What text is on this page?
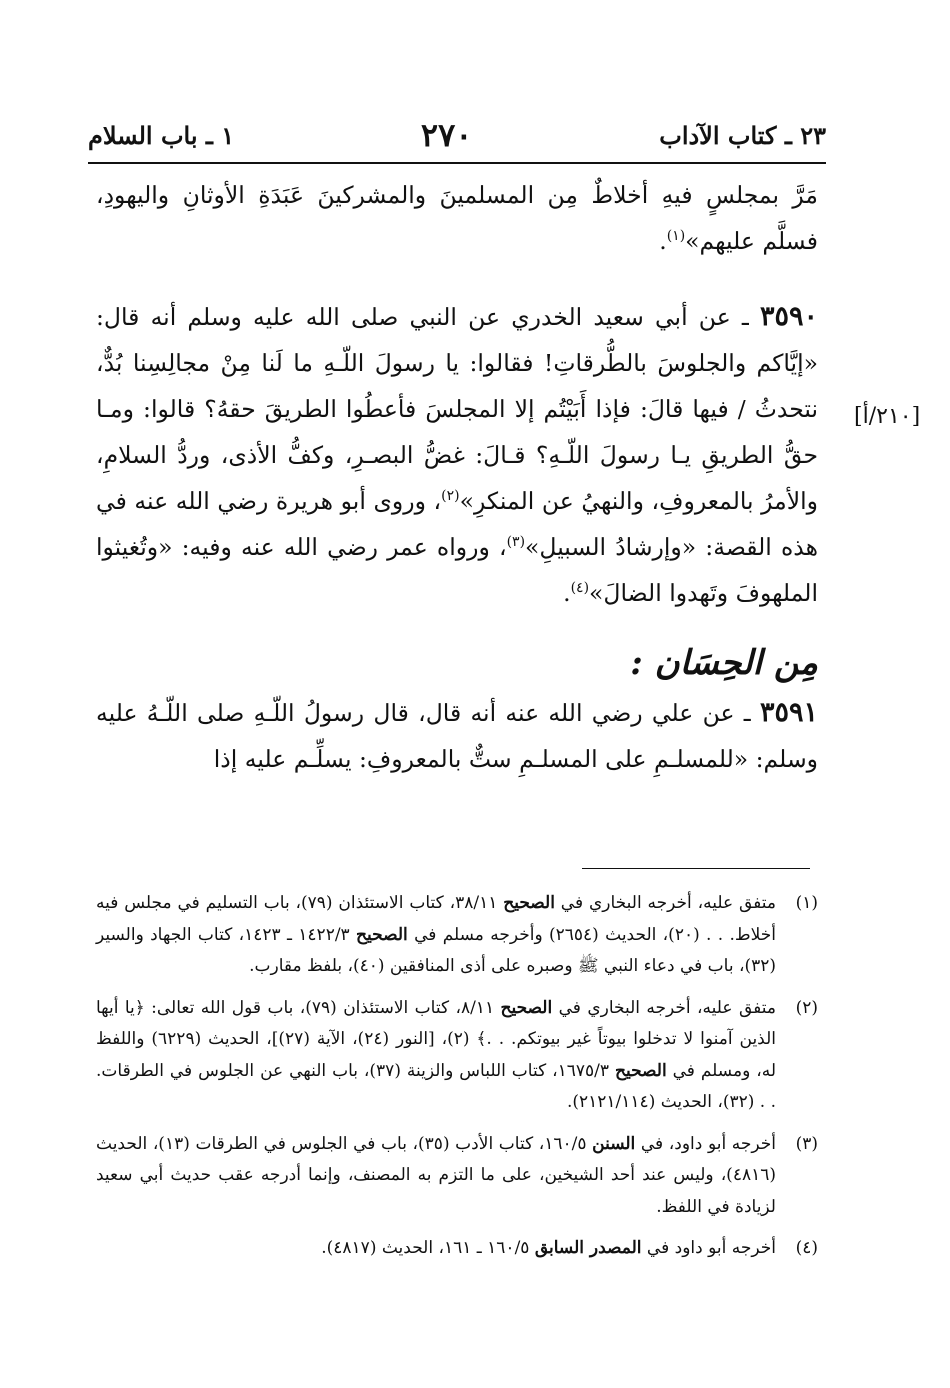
٢٣ ـ كتاب الآداب
٢٧٠
١ ـ باب السلام
[٢١٠/أ]

مَرَّ بمجلسٍ فيهِ أخلاطٌ مِن المسلمينَ والمشركينَ عَبَدَةِ الأوثانِ واليهودِ، فسلَّم عليهم»$^{(١)}$.

٣٥٩٠ ـ عن أبي سعيد الخدري عن النبي صلى الله عليه وسلم أنه قال: «إيَّاكم والجلوسَ بالطُّرقاتِ! فقالوا: يا رسولَ اللّـهِ ما لَنا مِنْ مجالِسِنا بُدٌّ، نتحدثُ / فيها قالَ: فإذا أَبَيْتُم إلا المجلسَ فأعطُوا الطريقَ حقهُ؟ قالوا: ومـا حقُّ الطريقِ يـا رسولَ اللّـهِ؟ قـالَ: غضُّ البصـرِ، وكفُّ الأذى، وردُّ السلامِ، والأمرُ بالمعروفِ، والنهيُ عن المنكرِ»$^{(٢)}$، وروى أبو هريرة رضي الله عنه في هذه القصة: «وإرشادُ السبيلِ»$^{(٣)}$، ورواه عمر رضي الله عنه وفيه: «وتُغيثوا الملهوفَ وتَهدوا الضالَ»$^{(٤)}$.

مِن الحِسَان :

٣٥٩١ ـ عن علي رضي الله عنه أنه قال، قال رسولُ اللّـهِ صلى اللّـهُ عليه وسلم: «للمسلـمِ على المسلـمِ ستٌّ بالمعروفِ: يسلِّـم عليه إذا

(١)
متفق عليه، أخرجه البخاري في الصحيح ٣٨/١١، كتاب الاستئذان (٧٩)، باب التسليم في مجلس فيه أخلاط. . . (٢٠)، الحديث (٢٦٥٤) وأخرجه مسلم في الصحيح ١٤٢٢/٣ ـ ١٤٢٣، كتاب الجهاد والسير (٣٢)، باب في دعاء النبي ﷺ وصبره على أذى المنافقين (٤٠)، بلفظ مقارب.

(٢)
متفق عليه، أخرجه البخاري في الصحيح ٨/١١، كتاب الاستئذان (٧٩)، باب قول الله تعالى: ﴿يا أيها الذين آمنوا لا تدخلوا بيوتاً غير بيوتكم. . .﴾ (٢)، [النور (٢٤)، الآية (٢٧)]، الحديث (٦٢٢٩) واللفظ له، ومسلم في الصحيح ١٦٧٥/٣، كتاب اللباس والزينة (٣٧)، باب النهي عن الجلوس في الطرقات. . . (٣٢)، الحديث (٢١٢١/١١٤).

(٣)
أخرجه أبو داود، في السنن ١٦٠/٥، كتاب الأدب (٣٥)، باب في الجلوس في الطرقات (١٣)، الحديث (٤٨١٦)، وليس عند أحد الشيخين، على ما التزم به المصنف، وإنما أدرجه عقب حديث أبي سعيد لزيادة في اللفظ.

(٤)
أخرجه أبو داود في المصدر السابق ١٦٠/٥ ـ ١٦١، الحديث (٤٨١٧).
